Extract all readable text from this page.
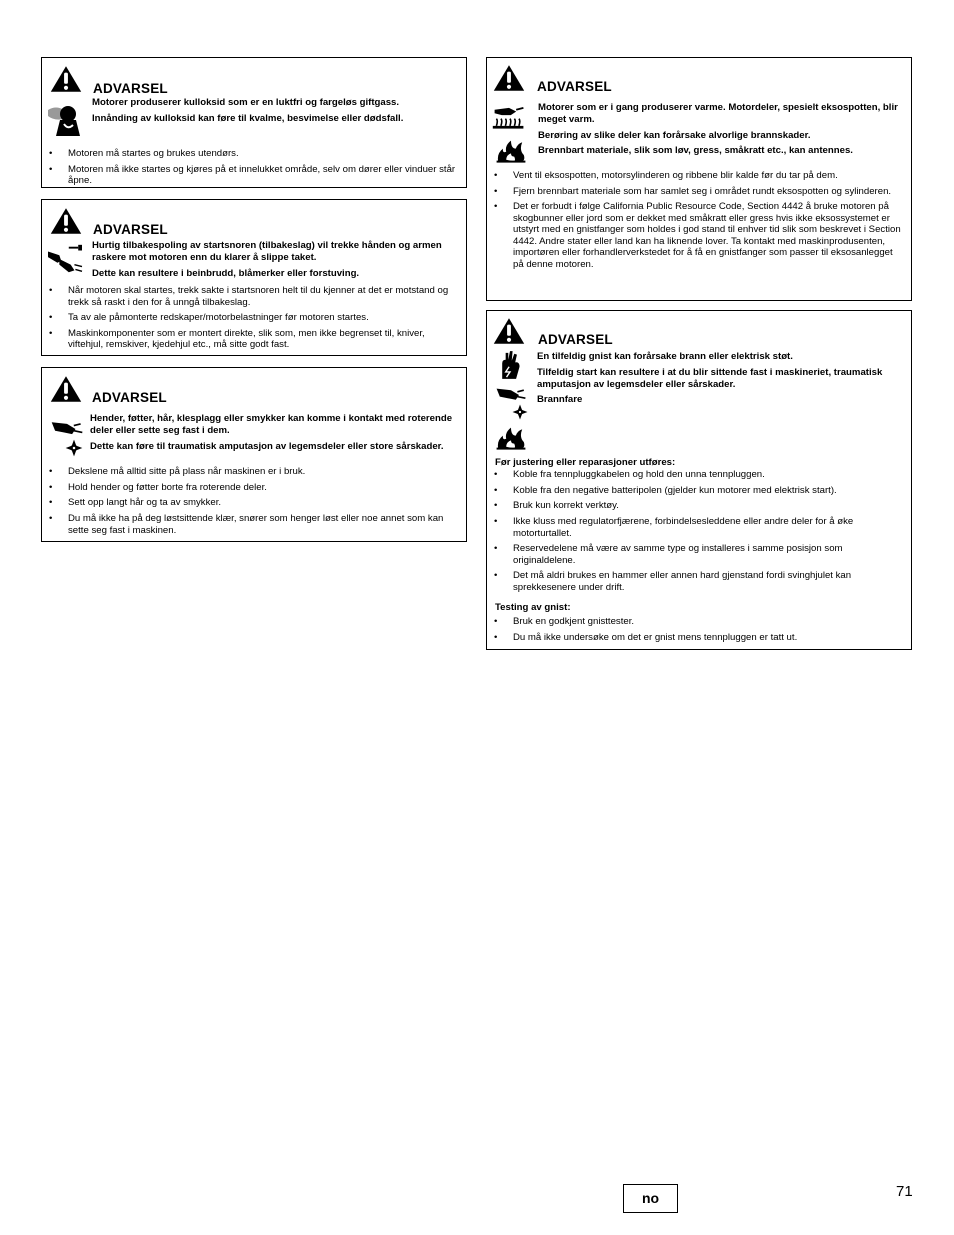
ADVARSEL
Motorer produserer kulloksid som er en luktfri og fargeløs giftgass.
Innånding av kulloksid kan føre til kvalme, besvimelse eller dødsfall.
• Motoren må startes og brukes utendørs.
• Motoren må ikke startes og kjøres på et innelukket område, selv om dører eller vinduer står åpne.
ADVARSEL
Hurtig tilbakespoling av startsnoren (tilbakeslag) vil trekke hånden og armen raskere mot motoren enn du klarer å slippe taket.
Dette kan resultere i beinbrudd, blåmerker eller forstuving.
• Når motoren skal startes, trekk sakte i startsnoren helt til du kjenner at det er motstand og trekk så raskt i den for å unngå tilbakeslag.
• Ta av ale påmonterte redskaper/motorbelastninger før motoren startes.
• Maskinkomponenter som er montert direkte, slik som, men ikke begrenset til, kniver, viftehjul, remskiver, kjedehjul etc., må sitte godt fast.
ADVARSEL
Hender, føtter, hår, klesplagg eller smykker kan komme i kontakt med roterende deler eller sette seg fast i dem.
Dette kan føre til traumatisk amputasjon av legemsdeler eller store sårskader.
• Dekslene må alltid sitte på plass når maskinen er i bruk.
• Hold hender og føtter borte fra roterende deler.
• Sett opp langt hår og ta av smykker.
• Du må ikke ha på deg løstsittende klær, snører som henger løst eller noe annet som kan sette seg fast i maskinen.
ADVARSEL
Motorer som er i gang produserer varme. Motordeler, spesielt eksospotten, blir meget varm.
Berøring av slike deler kan forårsake alvorlige brannskader.
Brennbart materiale, slik som løv, gress, småkratt etc., kan antennes.
• Vent til eksospotten, motorsylinderen og ribbene blir kalde før du tar på dem.
• Fjern brennbart materiale som har samlet seg i området rundt eksospotten og sylinderen.
• Det er forbudt i følge California Public Resource Code, Section 4442 å bruke motoren på skogbunner eller jord som er dekket med småkratt eller gress hvis ikke eksossystemet er utstyrt med en gnistfanger som holdes i god stand til enhver tid slik som beskrevet i Section 4442. Andre stater eller land kan ha liknende lover. Ta kontakt med maskinprodusenten, importøren eller forhandlerverkstedet for å få en gnistfanger som passer til eksosanlegget på denne motoren.
ADVARSEL
En tilfeldig gnist kan forårsake brann eller elektrisk støt.
Tilfeldig start kan resultere i at du blir sittende fast i maskineriet, traumatisk amputasjon av legemsdeler eller sårskader.
Brannfare
Før justering eller reparasjoner utføres:
• Koble fra tennpluggkabelen og hold den unna tennpluggen.
• Koble fra den negative batteripolen (gjelder kun motorer med elektrisk start).
• Bruk kun korrekt verktøy.
• Ikke kluss med regulatorfjærene, forbindelsesleddene eller andre deler for å øke motorturtallet.
• Reservedelene må være av samme type og installeres i samme posisjon som originaldelene.
• Det må aldri brukes en hammer eller annen hard gjenstand fordi svinghjulet kan sprekkesenere under drift.
Testing av gnist:
• Bruk en godkjent gnisttester.
• Du må ikke undersøke om det er gnist mens tennpluggen er tatt ut.
no	71
